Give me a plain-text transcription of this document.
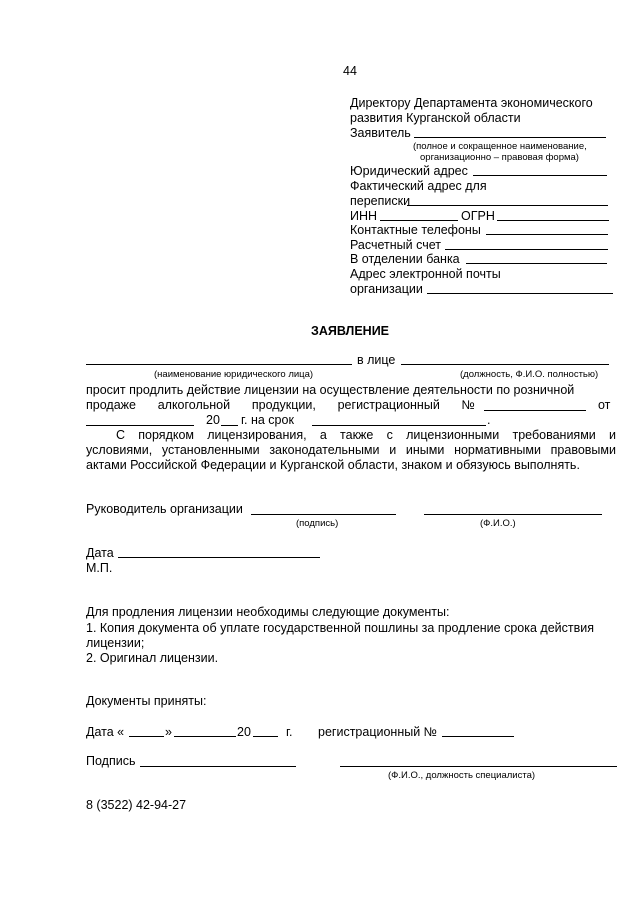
44
Директору Департамента экономического
развития Курганской области
Заявитель
(полное и сокращенное наименование,
организационно – правовая форма)
Юридический адрес
Фактический адрес для
переписки
ИНН	ОГРН
Контактные телефоны
Расчетный счет
В отделении банка
Адрес электронной почты
организации
ЗАЯВЛЕНИЕ
в лице
(наименование юридического лица)	(должность, Ф.И.О. полностью)
просит продлить действие лицензии на осуществление деятельности по розничной
продаже алкогольной продукции, регистрационный №	от
20 г. на срок	.
С порядком лицензирования, а также с лицензионными требованиями и
условиями, установленными законодательными и иными нормативными правовыми
актами Российской Федерации и Курганской области, знаком и обязуюсь выполнять.
Руководитель организации
(подпись)	(Ф.И.О.)
Дата
М.П.
Для продления лицензии необходимы следующие документы:
1. Копия документа об уплате государственной пошлины за продление срока действия
лицензии;
2. Оригинал лицензии.
Документы приняты:
Дата «	»	20	г. регистрационный №
Подпись
(Ф.И.О., должность специалиста)
8 (3522) 42-94-27
